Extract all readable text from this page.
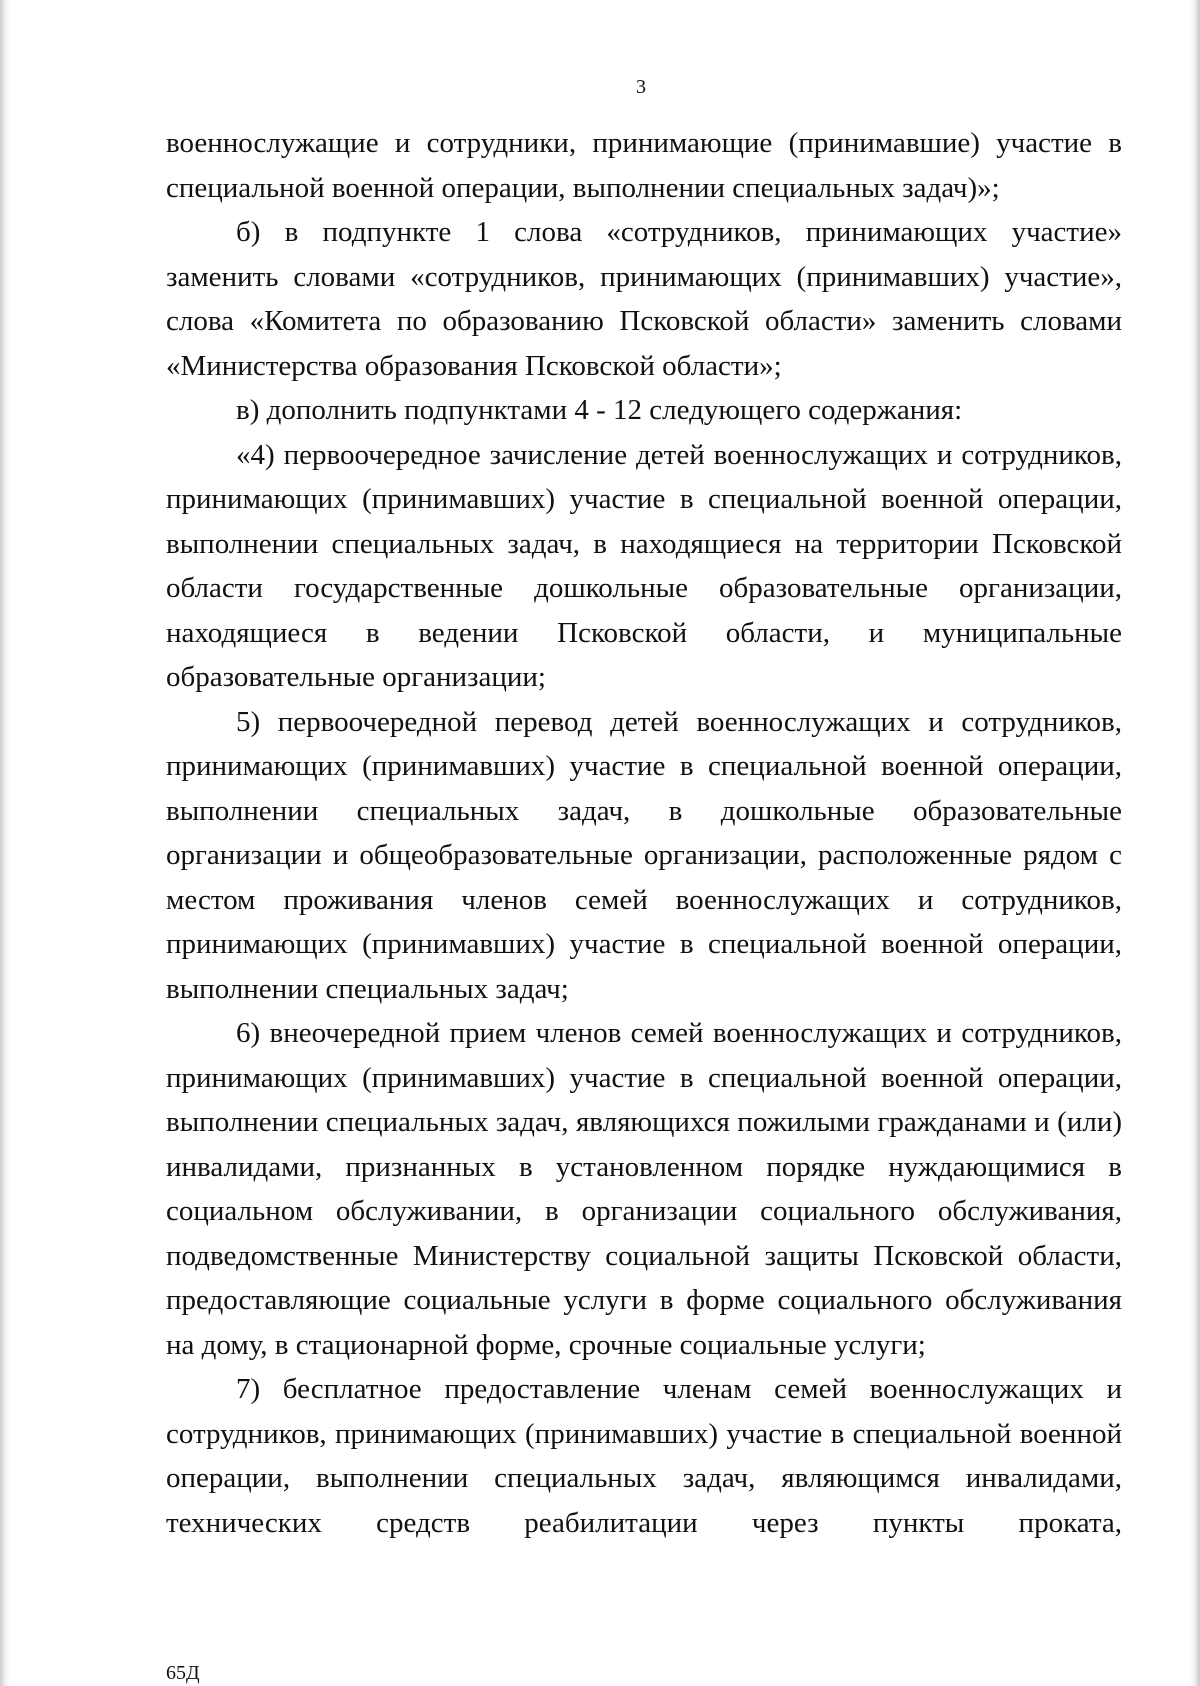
3

военнослужащие и сотрудники, принимающие (принимавшие) участие в специальной военной операции, выполнении специальных задач)»;

б) в подпункте 1 слова «сотрудников, принимающих участие» заменить словами «сотрудников, принимающих (принимавших) участие», слова «Комитета по образованию Псковской области» заменить словами «Министерства образования Псковской области»;

в) дополнить подпунктами 4 - 12 следующего содержания:

«4) первоочередное зачисление детей военнослужащих и сотрудников, принимающих (принимавших) участие в специальной военной операции, выполнении специальных задач, в находящиеся на территории Псковской области государственные дошкольные образовательные организации, находящиеся в ведении Псковской области, и муниципальные образовательные организации;

5) первоочередной перевод детей военнослужащих и сотрудников, принимающих (принимавших) участие в специальной военной операции, выполнении специальных задач, в дошкольные образовательные организации и общеобразовательные организации, расположенные рядом с местом проживания членов семей военнослужащих и сотрудников, принимающих (принимавших) участие в специальной военной операции, выполнении специальных задач;

6) внеочередной прием членов семей военнослужащих и сотрудников, принимающих (принимавших) участие в специальной военной операции, выполнении специальных задач, являющихся пожилыми гражданами и (или) инвалидами, признанных в установленном порядке нуждающимися в социальном обслуживании, в организации социального обслуживания, подведомственные Министерству социальной защиты Псковской области, предоставляющие социальные услуги в форме социального обслуживания на дому, в стационарной форме, срочные социальные услуги;

7) бесплатное предоставление членам семей военнослужащих и сотрудников, принимающих (принимавших) участие в специальной военной операции, выполнении специальных задач, являющимся инвалидами, технических средств реабилитации через пункты проката,

65Д
